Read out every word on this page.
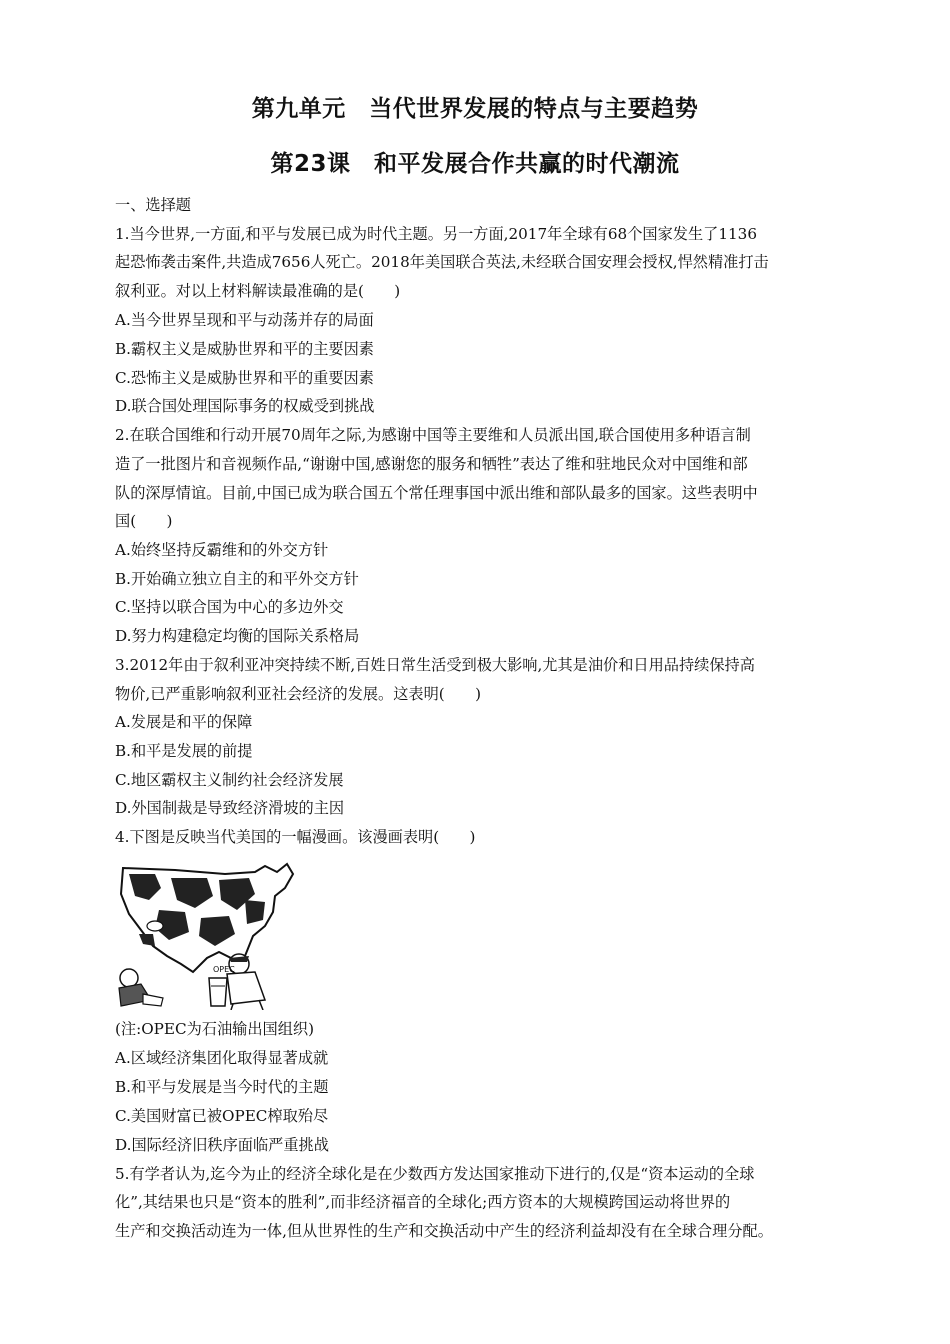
第九单元　当代世界发展的特点与主要趋势
第23课　和平发展合作共赢的时代潮流
一、选择题
1.当今世界,一方面,和平与发展已成为时代主题。另一方面,2017年全球有68个国家发生了1136
起恐怖袭击案件,共造成7656人死亡。2018年美国联合英法,未经联合国安理会授权,悍然精准打击
叙利亚。对以上材料解读最准确的是(　　)
A.当今世界呈现和平与动荡并存的局面
B.霸权主义是威胁世界和平的主要因素
C.恐怖主义是威胁世界和平的重要因素
D.联合国处理国际事务的权威受到挑战
2.在联合国维和行动开展70周年之际,为感谢中国等主要维和人员派出国,联合国使用多种语言制
造了一批图片和音视频作品,“谢谢中国,感谢您的服务和牺牲”表达了维和驻地民众对中国维和部
队的深厚情谊。目前,中国已成为联合国五个常任理事国中派出维和部队最多的国家。这些表明中
国(　　)
A.始终坚持反霸维和的外交方针
B.开始确立独立自主的和平外交方针
C.坚持以联合国为中心的多边外交
D.努力构建稳定均衡的国际关系格局
3.2012年由于叙利亚冲突持续不断,百姓日常生活受到极大影响,尤其是油价和日用品持续保持高
物价,已严重影响叙利亚社会经济的发展。这表明(　　)
A.发展是和平的保障
B.和平是发展的前提
C.地区霸权主义制约社会经济发展
D.外国制裁是导致经济滑坡的主因
4.下图是反映当代美国的一幅漫画。该漫画表明(　　)
OPEC
(注:OPEC为石油输出国组织)
A.区域经济集团化取得显著成就
B.和平与发展是当今时代的主题
C.美国财富已被OPEC榨取殆尽
D.国际经济旧秩序面临严重挑战
5.有学者认为,迄今为止的经济全球化是在少数西方发达国家推动下进行的,仅是“资本运动的全球
化”,其结果也只是“资本的胜利”,而非经济福音的全球化;西方资本的大规模跨国运动将世界的
生产和交换活动连为一体,但从世界性的生产和交换活动中产生的经济利益却没有在全球合理分配。
